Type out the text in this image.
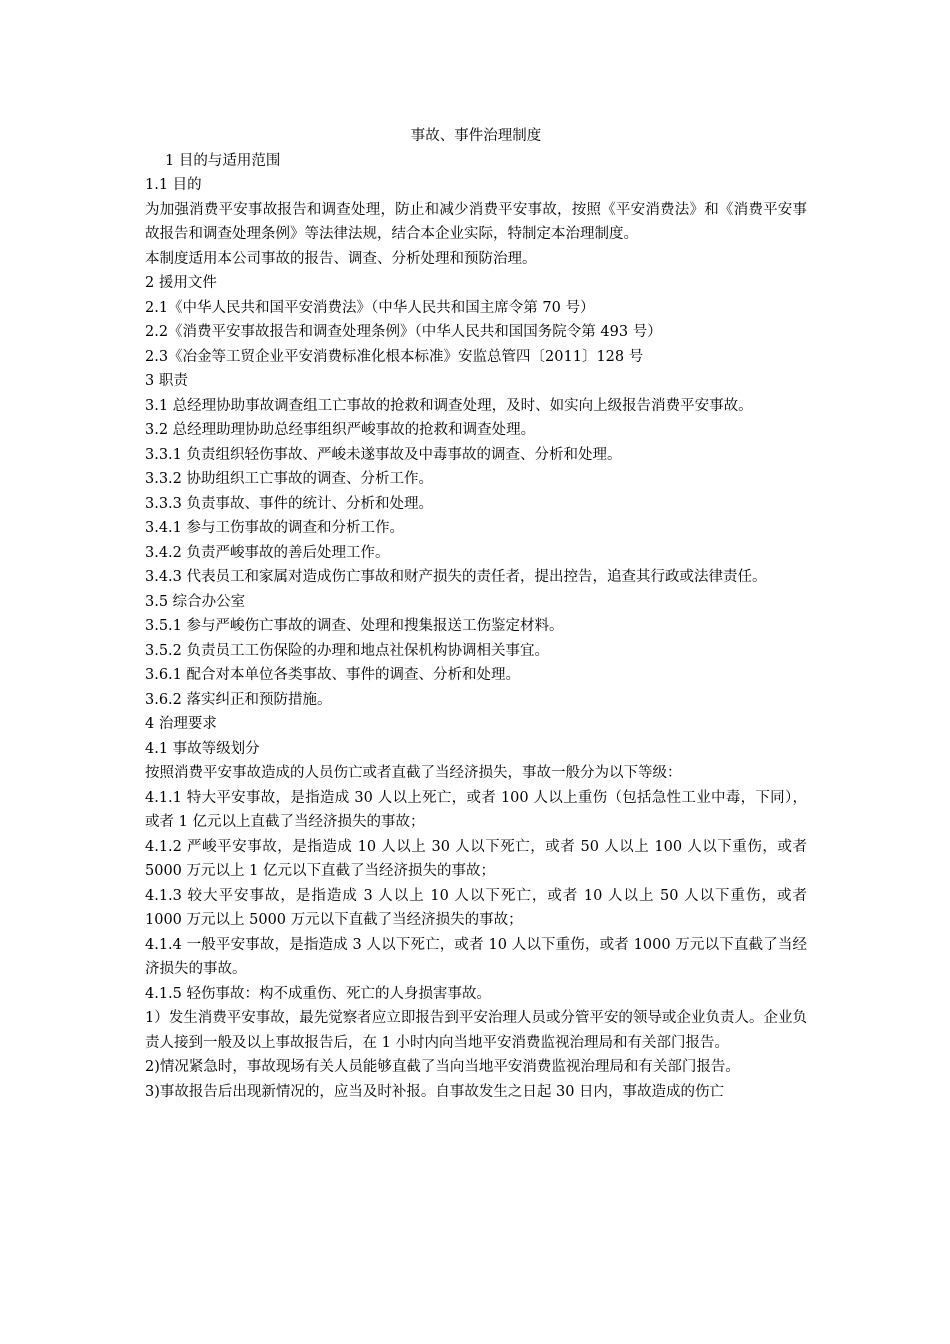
事故、事件治理制度

1 目的与适用范围

1.1 目的

为加强消费平安事故报告和调查处理，防止和减少消费平安事故，按照《平安消费法》和《消费平安事故报告和调查处理条例》等法律法规，结合本企业实际，特制定本治理制度。

本制度适用本公司事故的报告、调查、分析处理和预防治理。

2 援用文件

2.1《中华人民共和国平安消费法》（中华人民共和国主席令第 70 号）

2.2《消费平安事故报告和调查处理条例》（中华人民共和国国务院令第 493 号）

2.3《冶金等工贸企业平安消费标准化根本标准》安监总管四〔2011〕128 号

3 职责

3.1 总经理协助事故调查组工亡事故的抢救和调查处理，及时、如实向上级报告消费平安事故。

3.2 总经理助理协助总经事组织严峻事故的抢救和调查处理。

3.3.1 负责组织轻伤事故、严峻未遂事故及中毒事故的调查、分析和处理。

3.3.2 协助组织工亡事故的调查、分析工作。

3.3.3 负责事故、事件的统计、分析和处理。

3.4.1 参与工伤事故的调查和分析工作。

3.4.2 负责严峻事故的善后处理工作。

3.4.3 代表员工和家属对造成伤亡事故和财产损失的责任者，提出控告，追查其行政或法律责任。

3.5 综合办公室

3.5.1 参与严峻伤亡事故的调查、处理和搜集报送工伤鉴定材料。

3.5.2 负责员工工伤保险的办理和地点社保机构协调相关事宜。

3.6.1 配合对本单位各类事故、事件的调查、分析和处理。

3.6.2 落实纠正和预防措施。

4 治理要求

4.1 事故等级划分

按照消费平安事故造成的人员伤亡或者直截了当经济损失，事故一般分为以下等级：

4.1.1 特大平安事故，是指造成 30 人以上死亡，或者 100 人以上重伤（包括急性工业中毒，下同），或者 1 亿元以上直截了当经济损失的事故；

4.1.2 严峻平安事故，是指造成 10 人以上 30 人以下死亡，或者 50 人以上 100 人以下重伤，或者 5000 万元以上 1 亿元以下直截了当经济损失的事故；

4.1.3 较大平安事故，是指造成 3 人以上 10 人以下死亡，或者 10 人以上 50 人以下重伤，或者 1000 万元以上 5000 万元以下直截了当经济损失的事故；

4.1.4 一般平安事故，是指造成 3 人以下死亡，或者 10 人以下重伤，或者 1000 万元以下直截了当经济损失的事故。

4.1.5 轻伤事故：构不成重伤、死亡的人身损害事故。

1）发生消费平安事故，最先觉察者应立即报告到平安治理人员或分管平安的领导或企业负责人。企业负责人接到一般及以上事故报告后，在 1 小时内向当地平安消费监视治理局和有关部门报告。

2)情况紧急时，事故现场有关人员能够直截了当向当地平安消费监视治理局和有关部门报告。

3)事故报告后出现新情况的，应当及时补报。自事故发生之日起 30 日内，事故造成的伤亡
